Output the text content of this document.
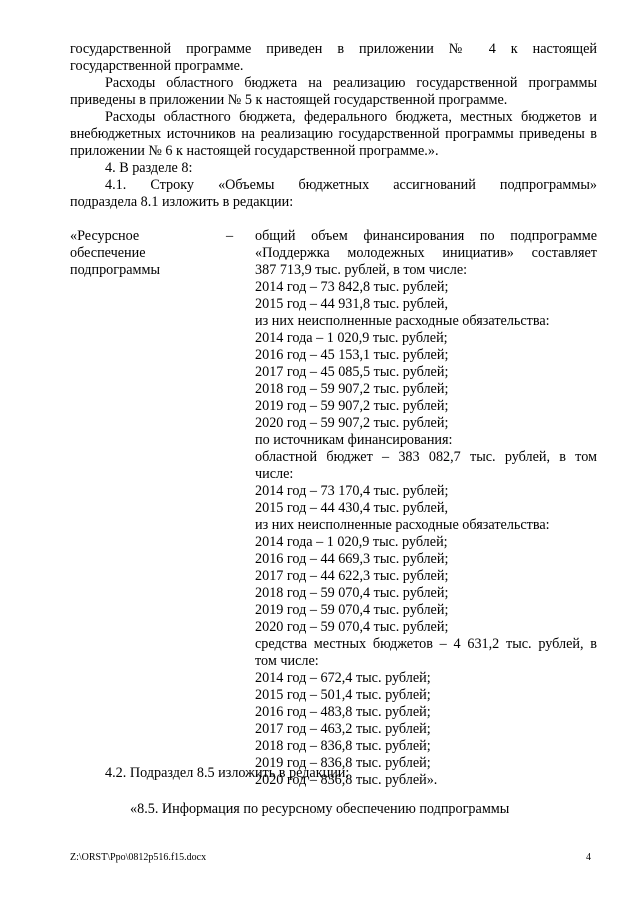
государственной программе приведен в приложении № 4 к настоящей
государственной программе.
Расходы областного бюджета на реализацию государственной программы приведены в приложении № 5 к настоящей государственной программе.
Расходы областного бюджета, федерального бюджета, местных бюджетов и внебюджетных источников на реализацию государственной программы приведены в приложении № 6 к настоящей государственной программе.».
4. В разделе 8:
4.1. Строку «Объемы бюджетных ассигнований подпрограммы»
подраздела 8.1 изложить в редакции:
«Ресурсное
обеспечение
подпрограммы
– общий объем финансирования по подпрограмме
«Поддержка молодежных инициатив» составляет
387 713,9 тыс. рублей, в том числе:
2014 год – 73 842,8 тыс. рублей;
2015 год – 44 931,8 тыс. рублей,
из них неисполненные расходные обязательства:
2014 года – 1 020,9 тыс. рублей;
2016 год – 45 153,1 тыс. рублей;
2017 год – 45 085,5 тыс. рублей;
2018 год – 59 907,2 тыс. рублей;
2019 год – 59 907,2 тыс. рублей;
2020 год – 59 907,2 тыс. рублей;
по источникам финансирования:
областной бюджет – 383 082,7 тыс. рублей, в том
числе:
2014 год – 73 170,4 тыс. рублей;
2015 год – 44 430,4 тыс. рублей,
из них неисполненные расходные обязательства:
2014 года – 1 020,9 тыс. рублей;
2016 год – 44 669,3 тыс. рублей;
2017 год – 44 622,3 тыс. рублей;
2018 год – 59 070,4 тыс. рублей;
2019 год – 59 070,4 тыс. рублей;
2020 год – 59 070,4 тыс. рублей;
средства местных бюджетов – 4 631,2 тыс. рублей, в
том числе:
2014 год – 672,4 тыс. рублей;
2015 год – 501,4 тыс. рублей;
2016 год – 483,8 тыс. рублей;
2017 год – 463,2 тыс. рублей;
2018 год – 836,8 тыс. рублей;
2019 год – 836,8 тыс. рублей;
2020 год – 836,8 тыс. рублей».
4.2. Подраздел 8.5 изложить в редакции:
«8.5. Информация по ресурсному обеспечению подпрограммы
Z:\ORST\Ppo\0812p516.f15.docx	4
